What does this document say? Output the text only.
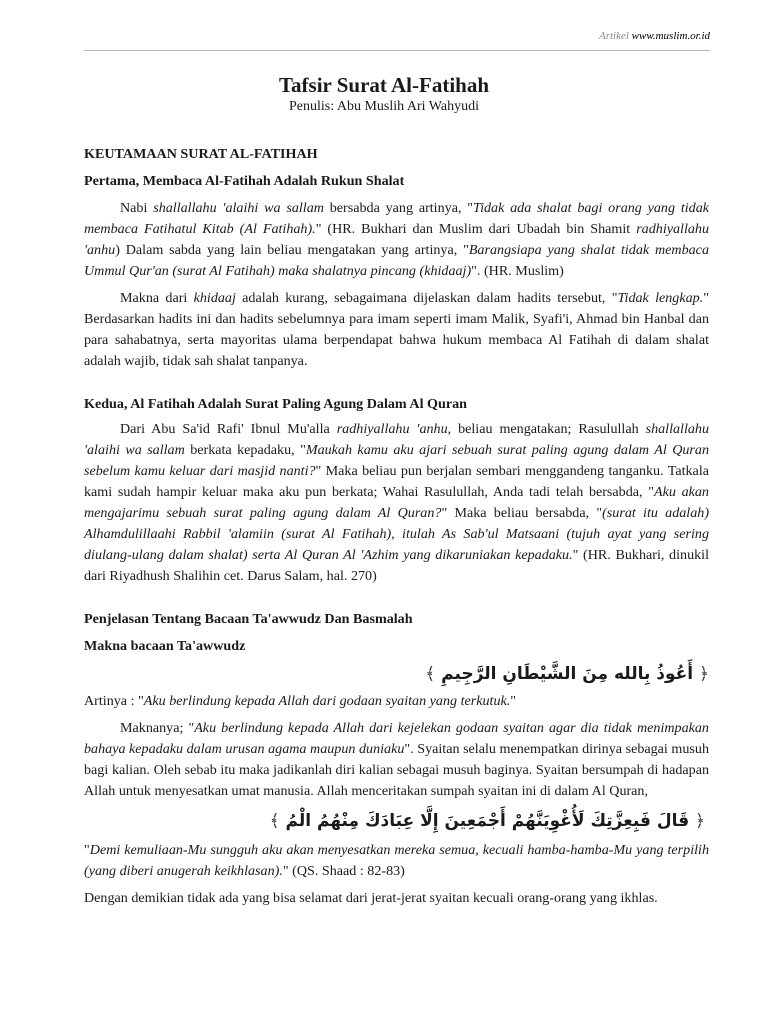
Artikel www.muslim.or.id
Tafsir Surat Al-Fatihah

Penulis: Abu Muslih Ari Wahyudi

KEUTAMAAN SURAT AL-FATIHAH

Pertama, Membaca Al-Fatihah Adalah Rukun Shalat

Nabi shallallahu 'alaihi wa sallam bersabda yang artinya, "Tidak ada shalat bagi orang yang tidak membaca Fatihatul Kitab (Al Fatihah)." (HR. Bukhari dan Muslim dari Ubadah bin Shamit radhiyallahu 'anhu) Dalam sabda yang lain beliau mengatakan yang artinya, "Barangsiapa yang shalat tidak membaca Ummul Qur'an (surat Al Fatihah) maka shalatnya pincang (khidaaj)". (HR. Muslim)

Makna dari khidaaj adalah kurang, sebagaimana dijelaskan dalam hadits tersebut, "Tidak lengkap." Berdasarkan hadits ini dan hadits sebelumnya para imam seperti imam Malik, Syafi'i, Ahmad bin Hanbal dan para sahabatnya, serta mayoritas ulama berpendapat bahwa hukum membaca Al Fatihah di dalam shalat adalah wajib, tidak sah shalat tanpanya.

Kedua, Al Fatihah Adalah Surat Paling Agung Dalam Al Quran

Dari Abu Sa'id Rafi' Ibnul Mu'alla radhiyallahu 'anhu, beliau mengatakan; Rasulullah shallallahu 'alaihi wa sallam berkata kepadaku, "Maukah kamu aku ajari sebuah surat paling agung dalam Al Quran sebelum kamu keluar dari masjid nanti?" Maka beliau pun berjalan sembari menggandeng tanganku. Tatkala kami sudah hampir keluar maka aku pun berkata; Wahai Rasulullah, Anda tadi telah bersabda, "Aku akan mengajarimu sebuah surat paling agung dalam Al Quran?" Maka beliau bersabda, "(surat itu adalah) Alhamdulillaahi Rabbil 'alamiin (surat Al Fatihah), itulah As Sab'ul Matsaani (tujuh ayat yang sering diulang-ulang dalam shalat) serta Al Quran Al 'Azhim yang dikaruniakan kepadaku." (HR. Bukhari, dinukil dari Riyadhush Shalihin cet. Darus Salam, hal. 270)

Penjelasan Tentang Bacaan Ta'awwudz Dan Basmalah

Makna bacaan Ta'awwudz

﴿ أَعُوذُ بِالله مِنَ الشَّيْطَانِ الرَّجِيمِ ﴾

Artinya : "Aku berlindung kepada Allah dari godaan syaitan yang terkutuk."

Maknanya; "Aku berlindung kepada Allah dari kejelekan godaan syaitan agar dia tidak menimpakan bahaya kepadaku dalam urusan agama maupun duniaku". Syaitan selalu menempatkan dirinya sebagai musuh bagi kalian. Oleh sebab itu maka jadikanlah diri kalian sebagai musuh baginya. Syaitan bersumpah di hadapan Allah untuk menyesatkan umat manusia. Allah menceritakan sumpah syaitan ini di dalam Al Quran,

﴿ قَالَ فَبِعِزَّتِكَ لَأُغْوِيَنَّهُمْ أَجْمَعِينَ إِلَّا عِبَادَكَ مِنْهُمُ الْمُ ﴾

"Demi kemuliaan-Mu sungguh aku akan menyesatkan mereka semua, kecuali hamba-hamba-Mu yang terpilih (yang diberi anugerah keikhlasan)." (QS. Shaad : 82-83)

Dengan demikian tidak ada yang bisa selamat dari jerat-jerat syaitan kecuali orang-orang yang ikhlas.
